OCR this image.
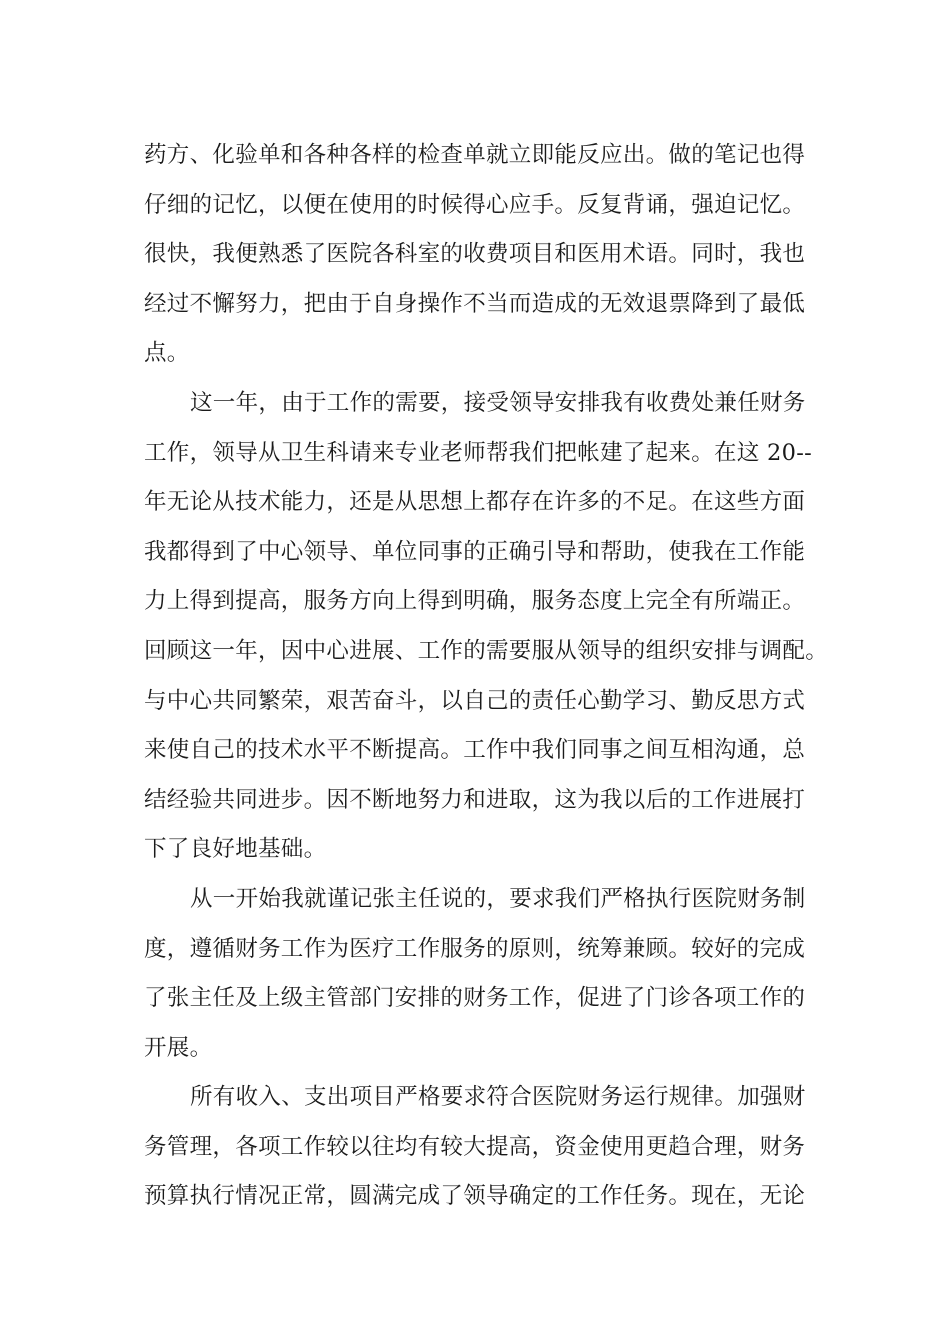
药方、化验单和各种各样的检查单就立即能反应出。做的笔记也得
仔细的记忆，以便在使用的时候得心应手。反复背诵，强迫记忆。
很快，我便熟悉了医院各科室的收费项目和医用术语。同时，我也
经过不懈努力，把由于自身操作不当而造成的无效退票降到了最低
点。
这一年，由于工作的需要，接受领导安排我有收费处兼任财务
工作，领导从卫生科请来专业老师帮我们把帐建了起来。在这 20--
年无论从技术能力，还是从思想上都存在许多的不足。在这些方面
我都得到了中心领导、单位同事的正确引导和帮助，使我在工作能
力上得到提高，服务方向上得到明确，服务态度上完全有所端正。
回顾这一年，因中心进展、工作的需要服从领导的组织安排与调配。
与中心共同繁荣，艰苦奋斗，以自己的责任心勤学习、勤反思方式
来使自己的技术水平不断提高。工作中我们同事之间互相沟通，总
结经验共同进步。因不断地努力和进取，这为我以后的工作进展打
下了良好地基础。
从一开始我就谨记张主任说的，要求我们严格执行医院财务制
度，遵循财务工作为医疗工作服务的原则，统筹兼顾。较好的完成
了张主任及上级主管部门安排的财务工作，促进了门诊各项工作的
开展。
所有收入、支出项目严格要求符合医院财务运行规律。加强财
务管理，各项工作较以往均有较大提高，资金使用更趋合理，财务
预算执行情况正常，圆满完成了领导确定的工作任务。现在，无论
